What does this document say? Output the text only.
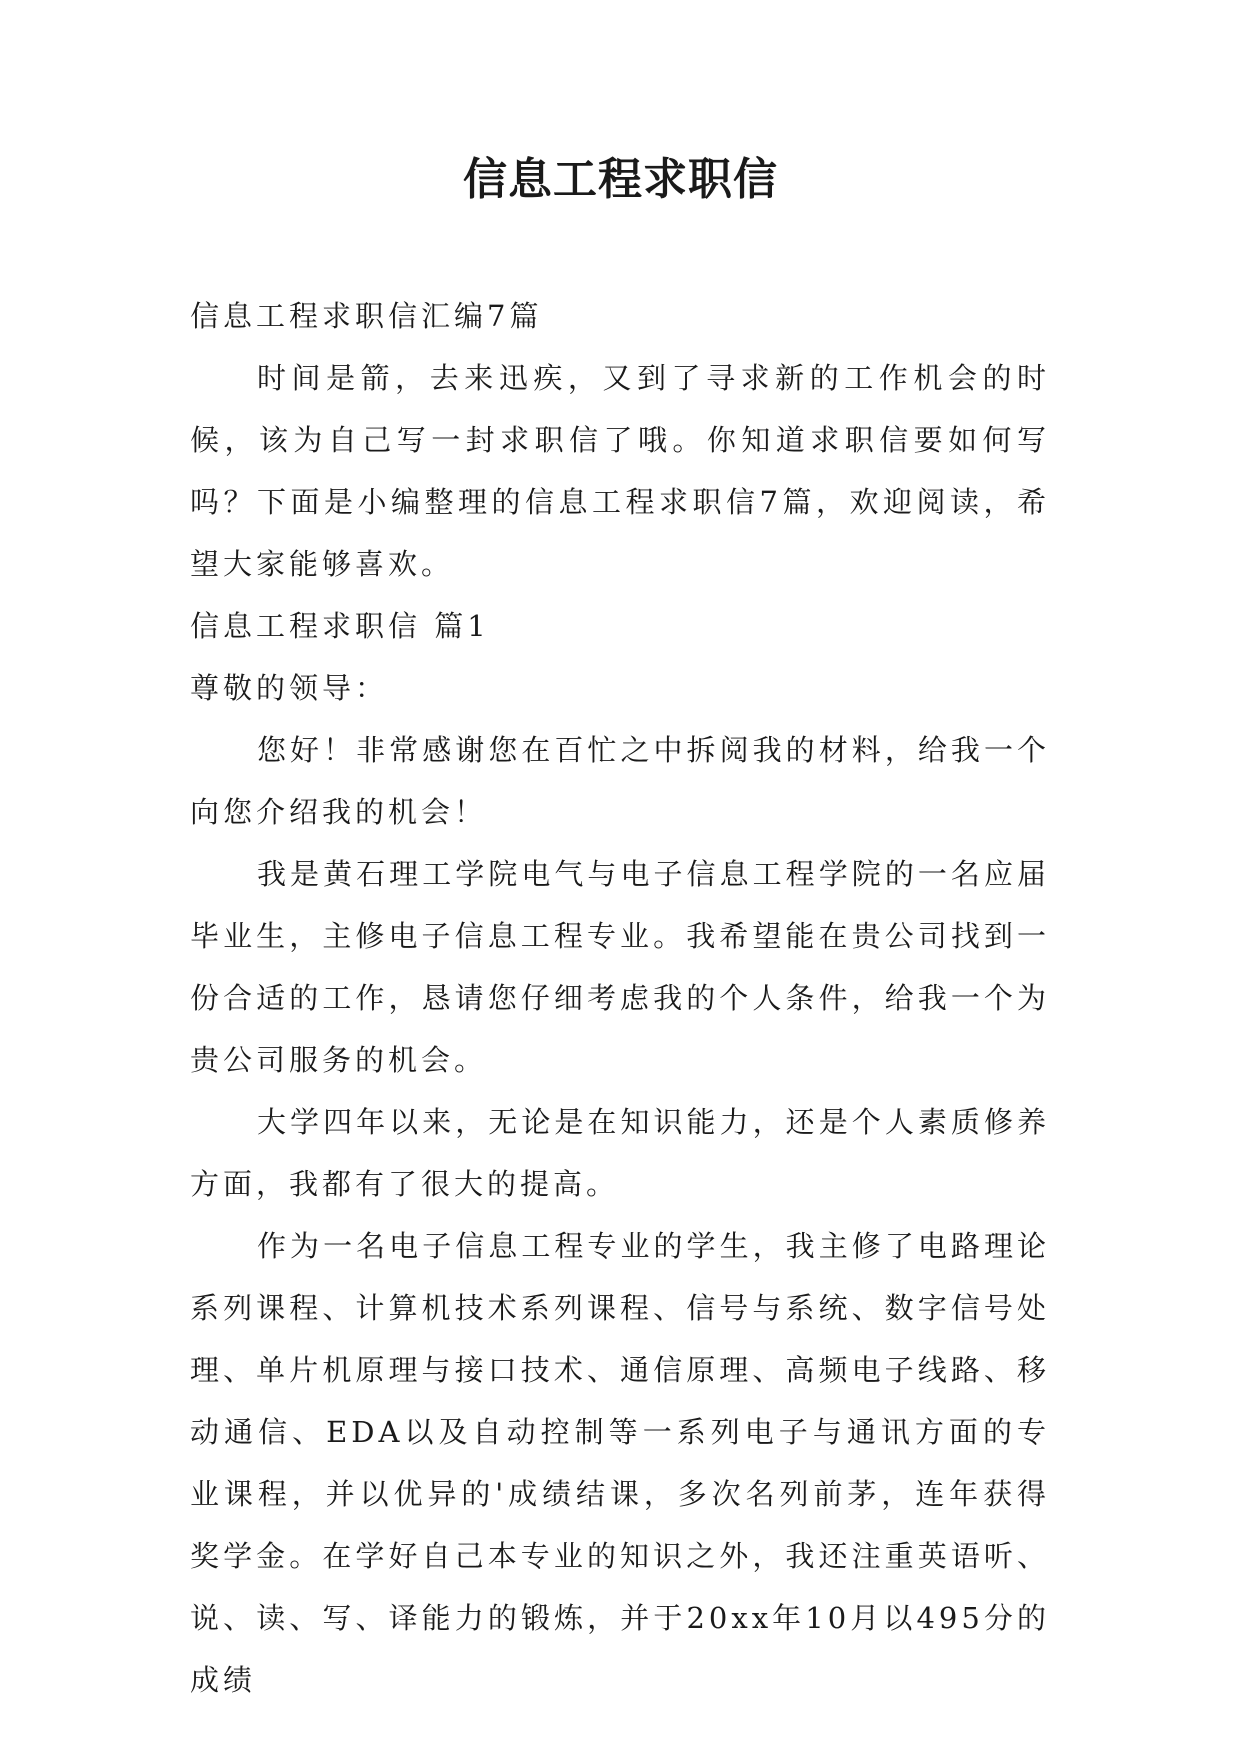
信息工程求职信

信息工程求职信汇编7篇

时间是箭，去来迅疾，又到了寻求新的工作机会的时候，该为自己写一封求职信了哦。你知道求职信要如何写吗？下面是小编整理的信息工程求职信7篇，欢迎阅读，希望大家能够喜欢。

信息工程求职信 篇1

尊敬的领导：

您好！非常感谢您在百忙之中拆阅我的材料，给我一个向您介绍我的机会！

我是黄石理工学院电气与电子信息工程学院的一名应届毕业生，主修电子信息工程专业。我希望能在贵公司找到一份合适的工作，恳请您仔细考虑我的个人条件，给我一个为贵公司服务的机会。

大学四年以来，无论是在知识能力，还是个人素质修养方面，我都有了很大的提高。

作为一名电子信息工程专业的学生，我主修了电路理论系列课程、计算机技术系列课程、信号与系统、数字信号处理、单片机原理与接口技术、通信原理、高频电子线路、移动通信、EDA以及自动控制等一系列电子与通讯方面的专业课程，并以优异的'成绩结课，多次名列前茅，连年获得奖学金。在学好自己本专业的知识之外，我还注重英语听、说、读、写、译能力的锻炼，并于20xx年10月以495分的成绩
